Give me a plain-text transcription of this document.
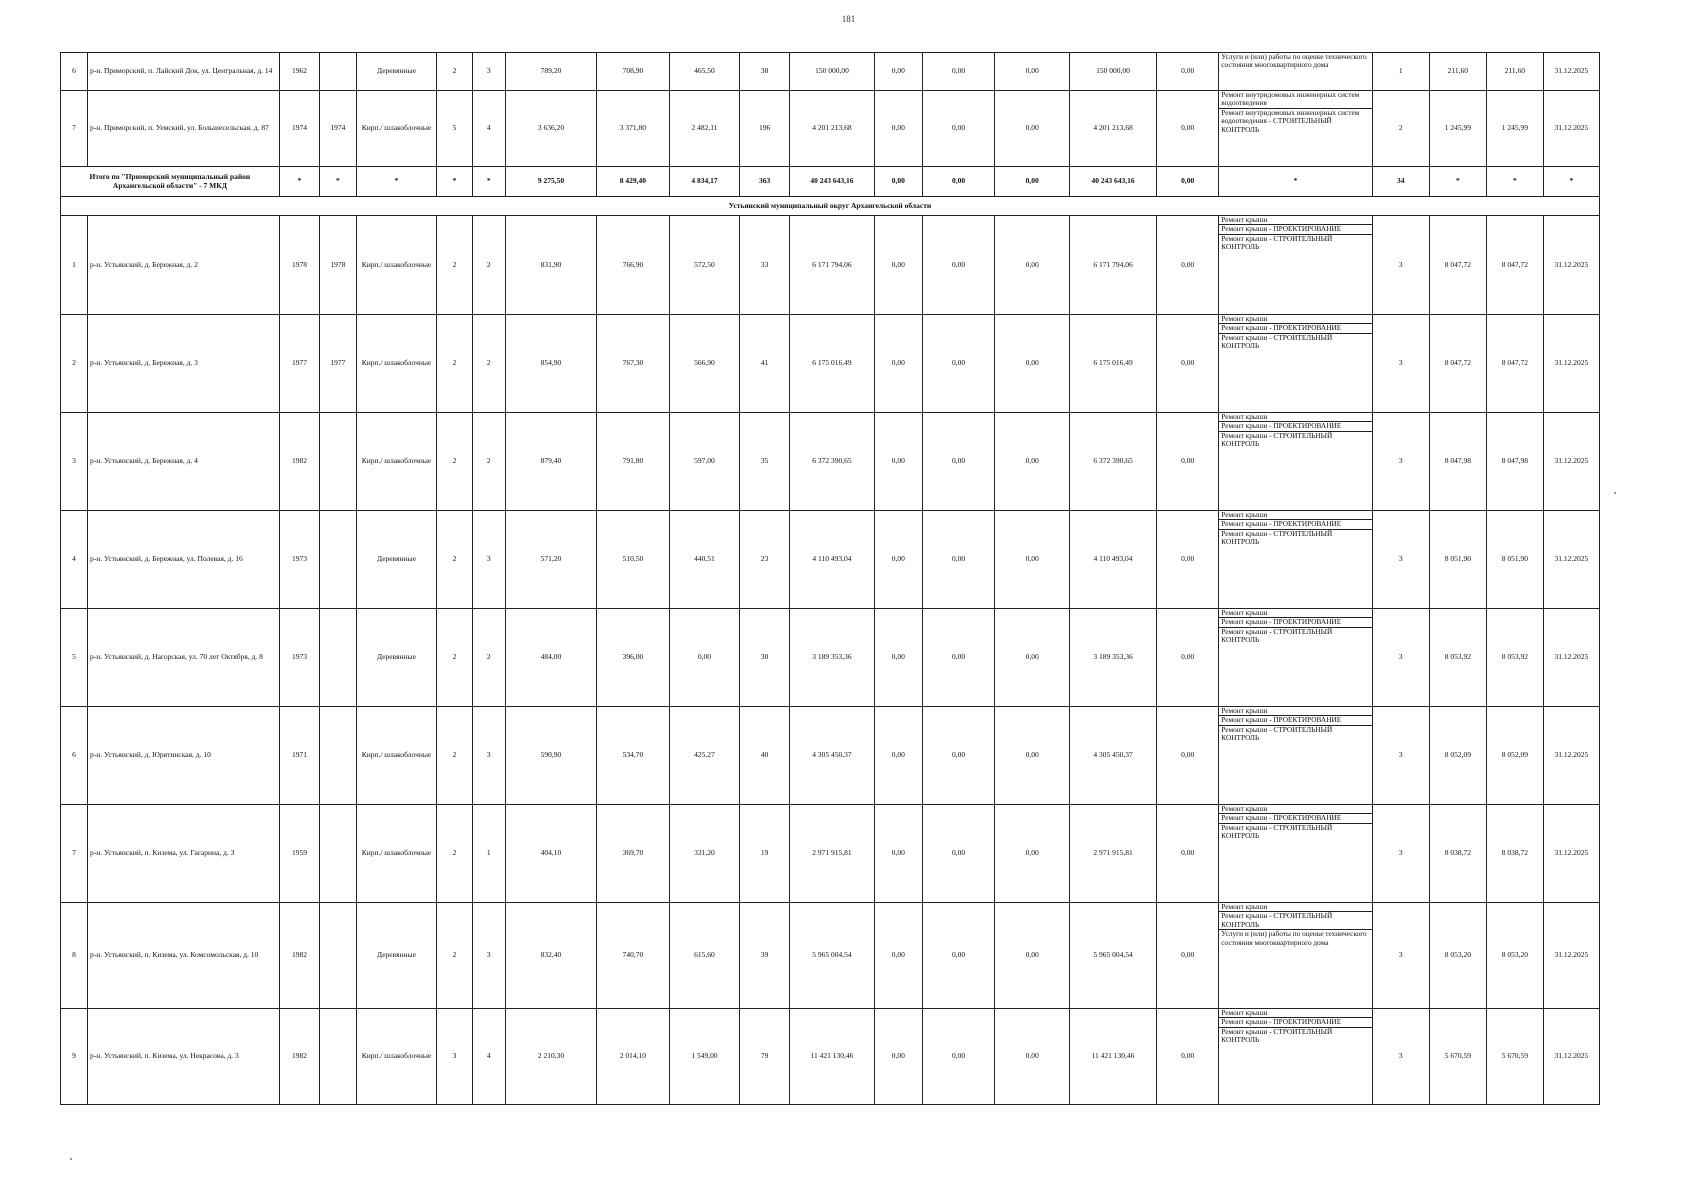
181
6	р-н. Приморский, п. Лайский Док, ул. Центральная, д. 14	1962		Деревянные	2	3	789,20	708,90	465,50	38	150 000,00	0,00	0,00	0,00	150 000,00	0,00	Услуги и (или) работы по оценке технического состояния многоквартирного дома	1	211,60	211,60	31.12.2025
7	р-н. Приморский, п. Уемский, ул. Большесельская, д. 87	1974	1974	Кирп./ шлакоблочные	5	4	3 636,20	3 371,80	2 482,11	196	4 201 213,68	0,00	0,00	0,00	4 201 213,68	0,00	Ремонт внутридомовых инженерных систем водоотведения
Ремонт внутридомовых инженерных систем водоотведения - СТРОИТЕЛЬНЫЙ КОНТРОЛЬ	2	1 245,99	1 245,99	31.12.2025
Итого по "Приморский муниципальный район Архангельской области" - 7 МКД		*	*	*	*	*	9 275,50	8 429,40	4 834,17	363	40 243 643,16	0,00	0,00	0,00	40 243 643,16	0,00	*	34	*	*	*
Устьянский муниципальный округ Архангельской области																					
1	р-н. Устьянский, д. Бережная, д. 2	1978	1978	Кирп./ шлакоблочные	2	2	831,90	766,90	572,50	33	6 171 794,06	0,00	0,00	0,00	6 171 794,06	0,00	Ремонт крыши
Ремонт крыши - ПРОЕКТИРОВАНИЕ
Ремонт крыши - СТРОИТЕЛЬНЫЙ КОНТРОЛЬ	3	8 047,72	8 047,72	31.12.2025
2	р-н. Устьянский, д. Бережная, д. 3	1977	1977	Кирп./ шлакоблочные	2	2	854,90	767,30	566,90	41	6 175 016,49	0,00	0,00	0,00	6 175 016,49	0,00	Ремонт крыши
Ремонт крыши - ПРОЕКТИРОВАНИЕ
Ремонт крыши - СТРОИТЕЛЬНЫЙ КОНТРОЛЬ	3	8 047,72	8 047,72	31.12.2025
3	р-н. Устьянский, д. Бережная, д. 4	1982		Кирп./ шлакоблочные	2	2	879,40	791,80	597,00	35	6 372 390,65	0,00	0,00	0,00	6 372 390,65	0,00	Ремонт крыши
Ремонт крыши - ПРОЕКТИРОВАНИЕ
Ремонт крыши - СТРОИТЕЛЬНЫЙ КОНТРОЛЬ	3	8 047,98	8 047,98	31.12.2025
4	р-н. Устьянский, д. Бережная, ул. Полевая, д. 16	1973		Деревянные	2	3	571,20	510,50	440,51	23	4 110 493,04	0,00	0,00	0,00	4 110 493,04	0,00	Ремонт крыши
Ремонт крыши - ПРОЕКТИРОВАНИЕ
Ремонт крыши - СТРОИТЕЛЬНЫЙ КОНТРОЛЬ	3	8 051,90	8 051,90	31.12.2025
5	р-н. Устьянский, д. Нагорская, ул. 70 лет Октября, д. 8	1973		Деревянные	2	2	484,00	396,00	0,00	30	3 189 353,36	0,00	0,00	0,00	3 189 353,36	0,00	Ремонт крыши
Ремонт крыши - ПРОЕКТИРОВАНИЕ
Ремонт крыши - СТРОИТЕЛЬНЫЙ КОНТРОЛЬ	3	8 053,92	8 053,92	31.12.2025
6	р-н. Устьянский, д. Юрятинская, д. 10	1971		Кирп./ шлакоблочные	2	3	590,90	534,70	425,27	40	4 305 450,37	0,00	0,00	0,00	4 305 450,37	0,00	Ремонт крыши
Ремонт крыши - ПРОЕКТИРОВАНИЕ
Ремонт крыши - СТРОИТЕЛЬНЫЙ КОНТРОЛЬ	3	8 052,09	8 052,09	31.12.2025
7	р-н. Устьянский, п. Кизема, ул. Гагарина, д. 3	1959		Кирп./ шлакоблочные	2	1	404,10	369,70	331,20	19	2 971 915,81	0,00	0,00	0,00	2 971 915,81	0,00	Ремонт крыши
Ремонт крыши - ПРОЕКТИРОВАНИЕ
Ремонт крыши - СТРОИТЕЛЬНЫЙ КОНТРОЛЬ	3	8 038,72	8 038,72	31.12.2025
8	р-н. Устьянский, п. Кизема, ул. Комсомольская, д. 10	1982		Деревянные	2	3	832,40	740,70	615,60	39	5 965 004,54	0,00	0,00	0,00	5 965 004,54	0,00	Ремонт крыши
Ремонт крыши - СТРОИТЕЛЬНЫЙ КОНТРОЛЬ
Услуги и (или) работы по оценке технического состояния многоквартирного дома	3	8 053,20	8 053,20	31.12.2025
9	р-н. Устьянский, п. Кизема, ул. Некрасова, д. 3	1982		Кирп./ шлакоблочные	3	4	2 210,30	2 014,10	1 549,00	79	11 421 130,46	0,00	0,00	0,00	11 421 130,46	0,00	Ремонт крыши
Ремонт крыши - ПРОЕКТИРОВАНИЕ
Ремонт крыши - СТРОИТЕЛЬНЫЙ КОНТРОЛЬ	3	5 670,59	5 670,59	31.12.2025
